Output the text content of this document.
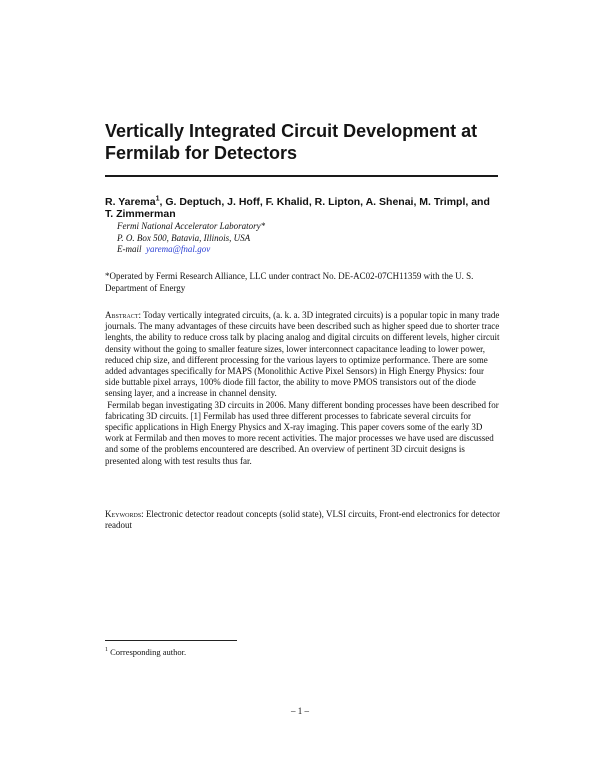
Vertically Integrated Circuit Development at Fermilab for Detectors
R. Yarema$^1$, G. Deptuch, J. Hoff, F. Khalid, R. Lipton, A. Shenai, M. Trimpl, and T. Zimmerman
Fermi National Accelerator Laboratory*
P. O. Box 500, Batavia, Illinois, USA
E-mail yarema@fnal.gov
*Operated by Fermi Research Alliance, LLC under contract No. DE-AC02-07CH11359 with the U. S. Department of Energy

Abstract: Today vertically integrated circuits, (a. k. a. 3D integrated circuits) is a popular topic in many trade journals. The many advantages of these circuits have been described such as higher speed due to shorter trace lenghts, the ability to reduce cross talk by placing analog and digital circuits on different levels, higher circuit density without the going to smaller feature sizes, lower interconnect capacitance leading to lower power, reduced chip size, and different processing for the various layers to optimize performance. There are some added advantages specifically for MAPS (Monolithic Active Pixel Sensors) in High Energy Physics: four side buttable pixel arrays, 100% diode fill factor, the ability to move PMOS transistors out of the diode sensing layer, and a increase in channel density.

Fermilab began investigating 3D circuits in 2006. Many different bonding processes have been described for fabricating 3D circuits. [1] Fermilab has used three different processes to fabricate several circuits for specific applications in High Energy Physics and X-ray imaging. This paper covers some of the early 3D work at Fermilab and then moves to more recent activities. The major processes we have used are discussed and some of the problems encountered are described. An overview of pertinent 3D circuit designs is presented along with test results thus far.

Keywords: Electronic detector readout concepts (solid state), VLSI circuits, Front-end electronics for detector readout
$^1$ Corresponding author.
– 1 –
